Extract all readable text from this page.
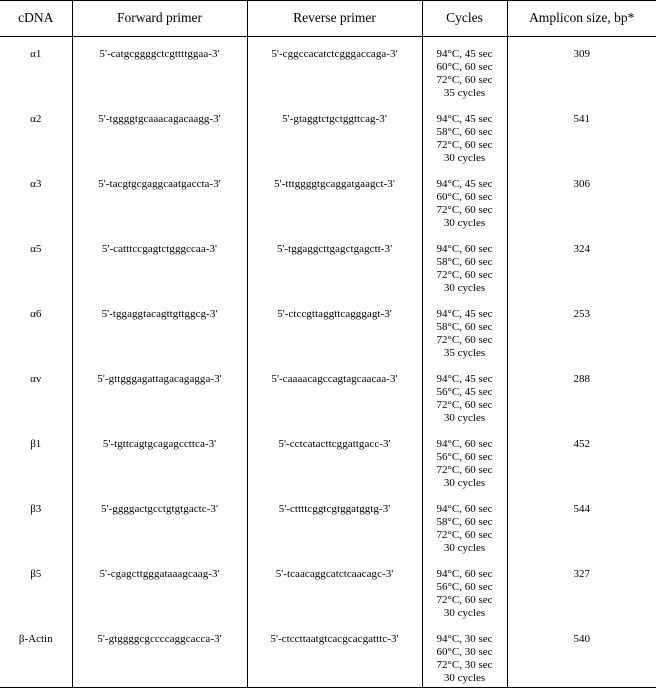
cDNA	Forward primer	Reverse primer	Cycles	Amplicon size, bp*
α1	5'-catgcggggctcgttttggaa-3'	5'-cggccacatctcgggaccaga-3'	94°C, 45 sec
60°C, 60 sec
72°C, 60 sec
35 cycles	309
α2	5'-tggggtgcaaacagacaagg-3'	5'-gtaggtctgctggttcag-3'	94°C, 45 sec
58°C, 60 sec
72°C, 60 sec
30 cycles	541
α3	5'-tacgtgcgaggcaatgaccta-3'	5'-tttggggtgcaggatgaagct-3'	94°C, 45 sec
60°C, 60 sec
72°C, 60 sec
30 cycles	306
α5	5'-catttccgagtctgggccaa-3'	5'-tggaggcttgagctgagctt-3'	94°C, 60 sec
58°C, 60 sec
72°C, 60 sec
30 cycles	324
α6	5'-tggaggtacagttgttggcg-3'	5'-ctccgttaggttcagggagt-3'	94°C, 45 sec
58°C, 60 sec
72°C, 60 sec
35 cycles	253
αv	5'-gttgggagattagacagagga-3'	5'-caaaacagccagtagcaacaa-3'	94°C, 45 sec
56°C, 45 sec
72°C, 60 sec
30 cycles	288
β1	5'-tgttcagtgcagagccttca-3'	5'-cctcatacttcggattgacc-3'	94°C, 60 sec
56°C, 60 sec
72°C, 60 sec
30 cycles	452
β3	5'-ggggactgcctgtgtgactc-3'	5'-cttttcggtcgtggatggtg-3'	94°C, 60 sec
58°C, 60 sec
72°C, 60 sec
30 cycles	544
β5	5'-cgagcttgggataaagcaag-3'	5'-tcaacaggcatctcaacagc-3'	94°C, 60 sec
56°C, 60 sec
72°C, 60 sec
30 cycles	327
β-Actin	5'-gtggggcgccccaggcacca-3'	5'-ctccttaatgtcacgcacgatttc-3'	94°C, 30 sec
60°C, 30 sec
72°C, 30 sec
30 cycles	540
